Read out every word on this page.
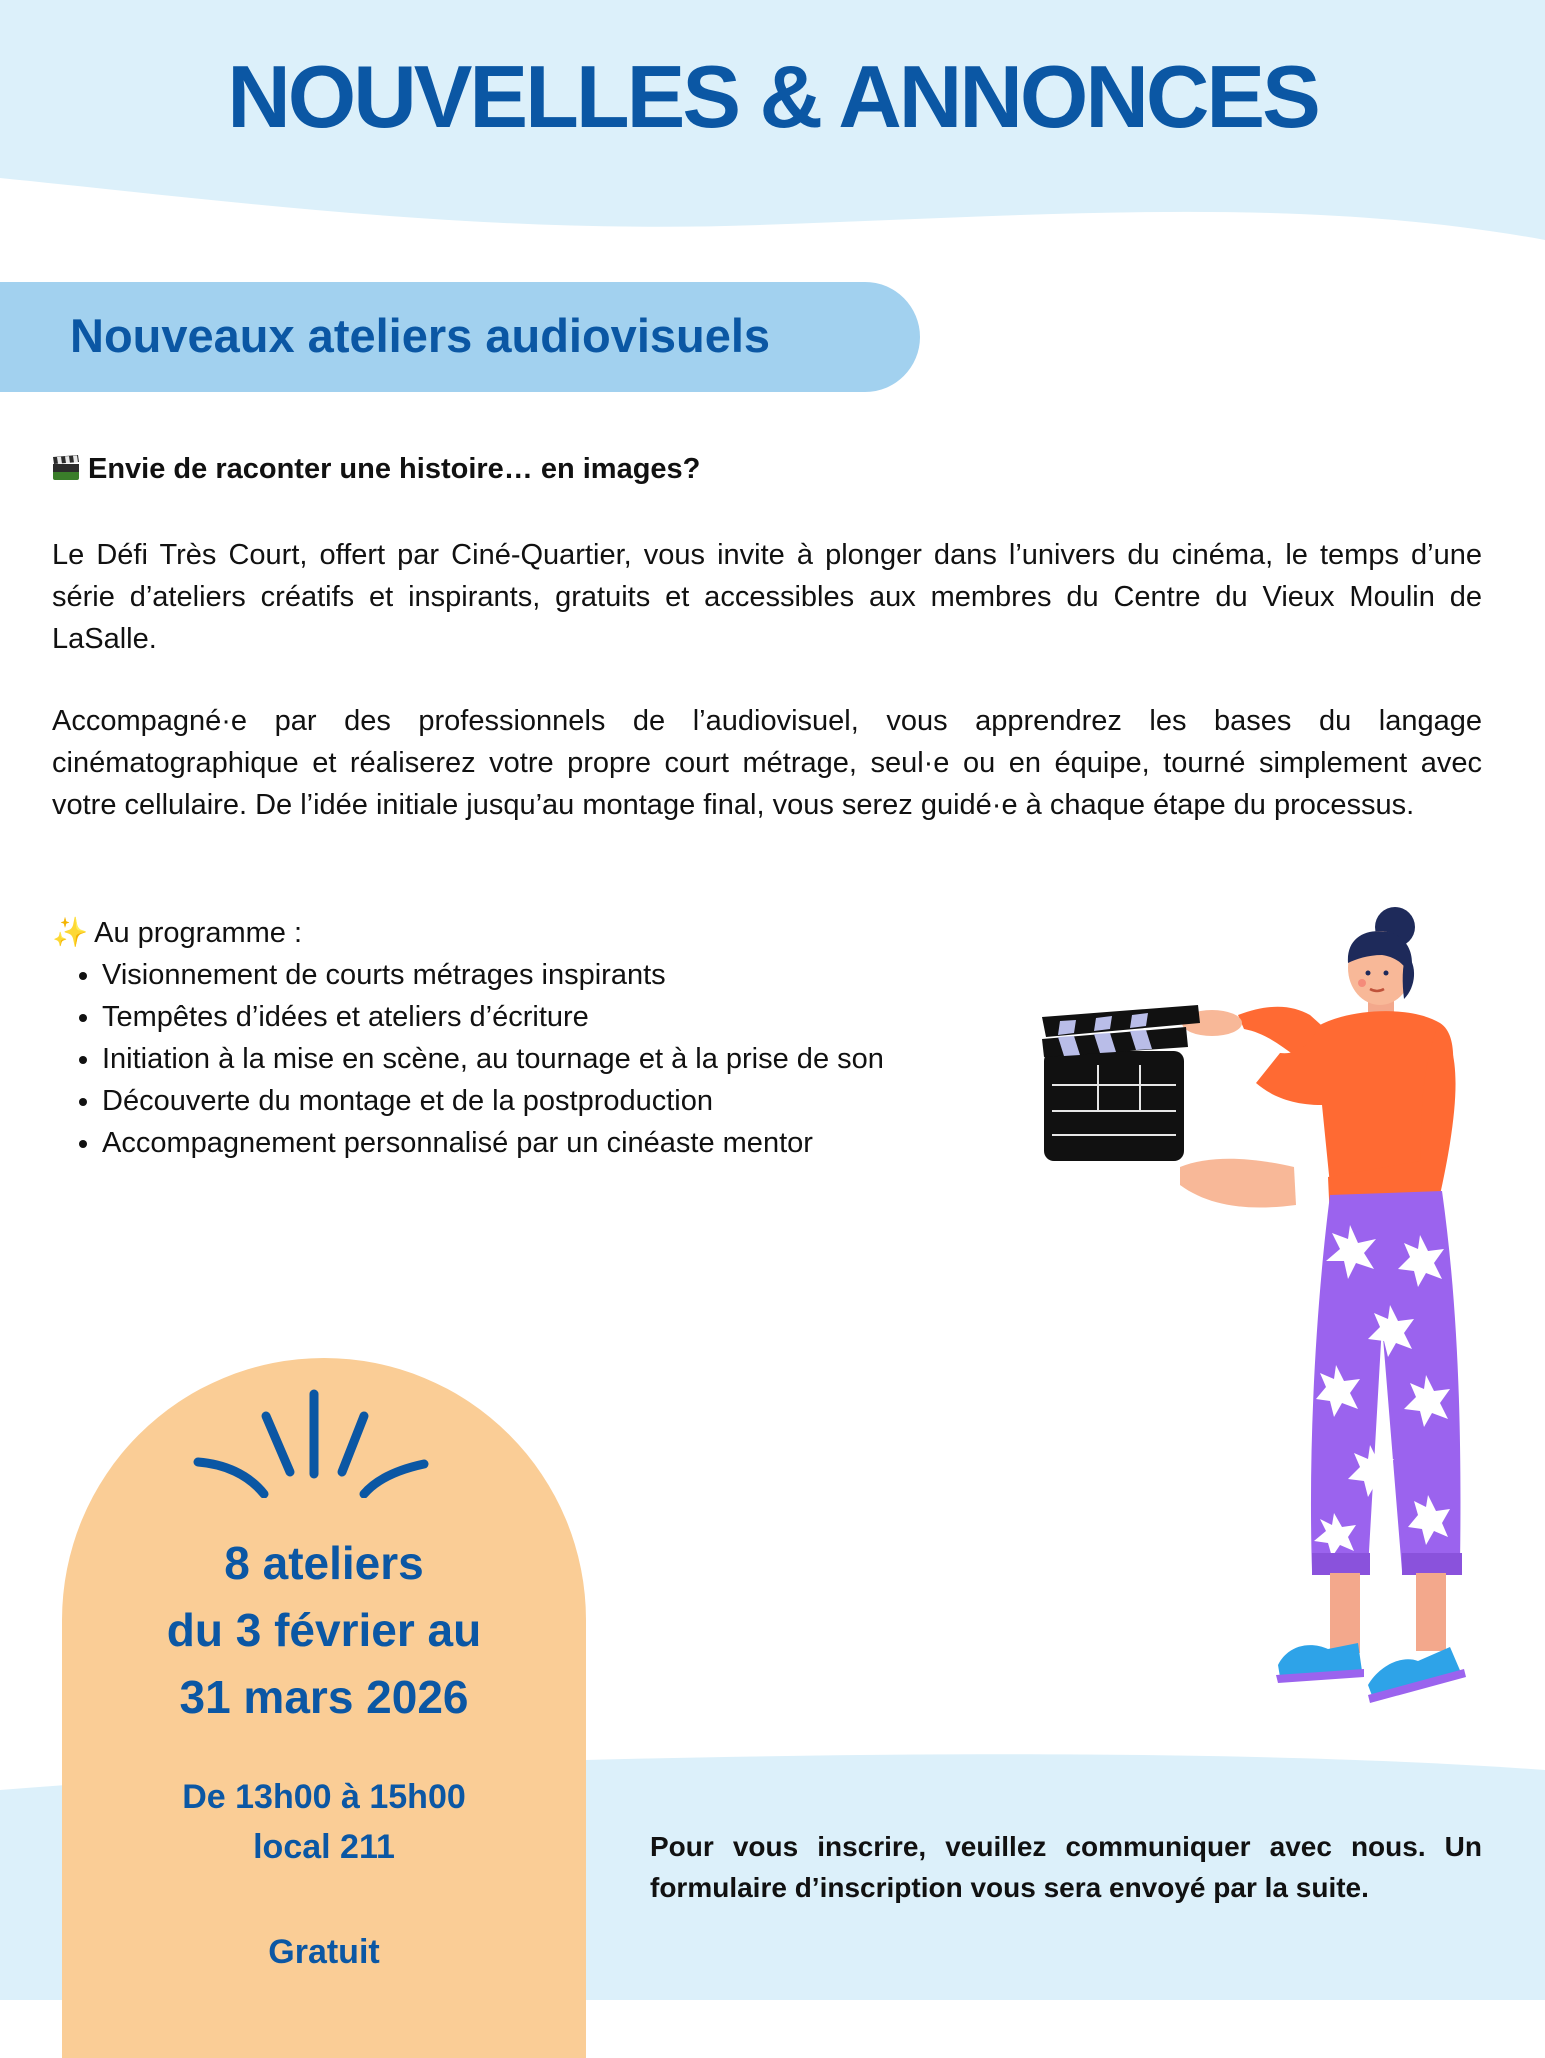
NOUVELLES & ANNONCES
Nouveaux ateliers audiovisuels
Envie de raconter une histoire… en images?
Le Défi Très Court, offert par Ciné-Quartier, vous invite à plonger dans l’univers du cinéma, le temps d’une série d’ateliers créatifs et inspirants, gratuits et accessibles aux membres du Centre du Vieux Moulin de LaSalle.
Accompagné·e par des professionnels de l’audiovisuel, vous apprendrez les bases du langage cinématographique et réaliserez votre propre court métrage, seul·e ou en équipe, tourné simplement avec votre cellulaire. De l’idée initiale jusqu’au montage final, vous serez guidé·e à chaque étape du processus.
✨ Au programme :
• Visionnement de courts métrages inspirants
• Tempêtes d’idées et ateliers d’écriture
• Initiation à la mise en scène, au tournage et à la prise de son
• Découverte du montage et de la postproduction
• Accompagnement personnalisé par un cinéaste mentor
8 ateliers
du 3 février au
31 mars 2026
De 13h00 à 15h00
local 211
Gratuit
Pour vous inscrire, veuillez communiquer avec nous. Un formulaire d’inscription vous sera envoyé par la suite.
